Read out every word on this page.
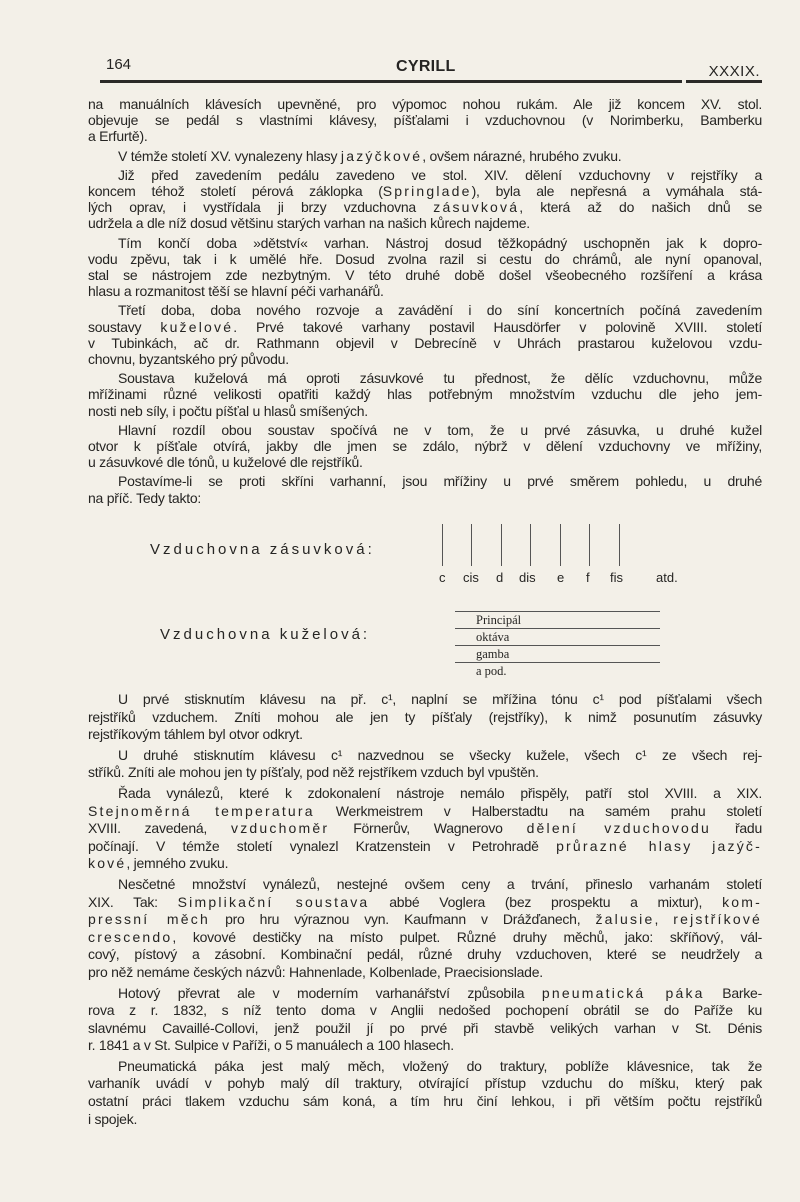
164	CYRILL	XXXIX.
na manuálních klávesích upevněné, pro výpomoc nohou rukám. Ale již koncem XV. stol.
objevuje se pedál s vlastními klávesy, píšťalami i vzduchovnou (v Norimberku, Bamberku
a Erfurtě).
V témže století XV. vynalezeny hlasy jazýčkové, ovšem nárazné, hrubého zvuku.
Již před zavedením pedálu zavedeno ve stol. XIV. dělení vzduchovny v rejstříky a
koncem téhož století pérová záklopka (Springlade), byla ale nepřesná a vymáhala stá-
lých oprav, i vystřídala ji brzy vzduchovna zásuvková, která až do našich dnů se
udržela a dle níž dosud většinu starých varhan na našich kůrech najdeme.
Tím končí doba »dětství« varhan. Nástroj dosud těžkopádný uschopněn jak k dopro-
vodu zpěvu, tak i k umělé hře. Dosud zvolna razil si cestu do chrámů, ale nyní opanoval,
stal se nástrojem zde nezbytným. V této druhé době došel všeobecného rozšíření a krása
hlasu a rozmanitost těší se hlavní péči varhanářů.
Třetí doba, doba nového rozvoje a zavádění i do síní koncertních počíná zavedením
soustavy kuželové. Prvé takové varhany postavil Hausdörfer v polovině XVIII. století
v Tubinkách, ač dr. Rathmann objevil v Debrecíně v Uhrách prastarou kuželovou vzdu-
chovnu, byzantského prý původu.
Soustava kuželová má oproti zásuvkové tu přednost, že dělíc vzduchovnu, může
mřížinami různé velikosti opatřiti každý hlas potřebným množstvím vzduchu dle jeho jem-
nosti neb síly, i počtu píšťal u hlasů smíšených.
Hlavní rozdíl obou soustav spočívá ne v tom, že u prvé zásuvka, u druhé kužel
otvor k píšťale otvírá, jakby dle jmen se zdálo, nýbrž v dělení vzduchovny ve mřížiny,
u zásuvkové dle tónů, u kuželové dle rejstříků.
Postavíme-li se proti skříni varhanní, jsou mřížiny u prvé směrem pohledu, u druhé
na příč. Tedy takto:
Vzduchovna zásuvková:
c cis d dis e f fis	atd.
Vzduchovna kuželová:
Principál
oktáva
gamba
a pod.
U prvé stisknutím klávesu na př. c¹, naplní se mřížina tónu c¹ pod píšťalami všech
rejstříků vzduchem. Zníti mohou ale jen ty píšťaly (rejstříky), k nimž posunutím zásuvky
rejstříkovým táhlem byl otvor odkryt.
U druhé stisknutím klávesu c¹ nazvednou se všecky kužele, všech c¹ ze všech rej-
stříků. Zníti ale mohou jen ty píšťaly, pod něž rejstříkem vzduch byl vpuštěn.
Řada vynálezů, které k zdokonalení nástroje nemálo přispěly, patří stol XVIII. a XIX.
Stejnoměrná temperatura Werkmeistrem v Halberstadtu na samém prahu století
XVIII. zavedená, vzduchoměr Förnerův, Wagnerovo dělení vzduchovodu řadu
počínají. V témže století vynalezl Kratzenstein v Petrohradě průrazné hlasy jazýč-
kové, jemného zvuku.
Nesčetné množství vynálezů, nestejné ovšem ceny a trvání, přineslo varhanám století
XIX. Tak: Simplikační soustava abbé Voglera (bez prospektu a mixtur), kom-
pressní měch pro hru výraznou vyn. Kaufmann v Drážďanech, žalusie, rejstříkové
crescendo, kovové destičky na místo pulpet. Různé druhy měchů, jako: skříňový, vál-
cový, pístový a zásobní. Kombinační pedál, různé druhy vzduchoven, které se neudržely a
pro něž nemáme českých názvů: Hahnenlade, Kolbenlade, Praecisionslade.
Hotový převrat ale v moderním varhanářství způsobila pneumatická páka Barke-
rova z r. 1832, s níž tento doma v Anglii nedošed pochopení obrátil se do Paříže ku
slavnému Cavaillé-Collovi, jenž použil jí po prvé při stavbě velikých varhan v St. Dénis
r. 1841 a v St. Sulpice v Paříži, o 5 manuálech a 100 hlasech.
Pneumatická páka jest malý měch, vložený do traktury, poblíže klávesnice, tak že
varhaník uvádí v pohyb malý díl traktury, otvírající přístup vzduchu do míšku, který pak
ostatní práci tlakem vzduchu sám koná, a tím hru činí lehkou, i při větším počtu rejstříků
i spojek.
